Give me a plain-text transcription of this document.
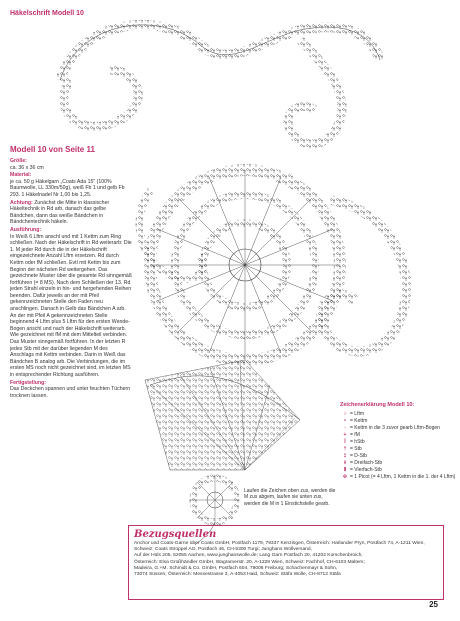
Häkelschrift Modell 10
Modell 10 von Seite 11

Größe:
ca. 36 x 36 cm

Material:
je ca. 50 g Häkelgarn „Coats Ada 15" (100% Baumwolle, LL 330m/50g), weiß Fb 1 und gelb Fb 293. 1 Häkelnadel Nr 1,00 bis 1,25.

Achtung: Zunächst die Mitte in klassischer Häkeltechnik in Rd arb, danach das gelbe Bändchen, dann das weiße Bändchen in Bändchentechnik häkeln.

Ausführung:
In Weiß 6 Lftm anschl und mit 1 Kettm zum Ring schließen. Nach der Häkelschrift in Rd weiterarb: Die 1. M jeder Rd durch die in der Häkelschrift eingezeichnete Anzahl Lftm ersetzen. Rd durch Kettm oder fM schließen. Evtl mit Kettm bis zum Beginn der nächsten Rd weitergehen. Das gezeichnete Muster über die gesamte Rd sinngemäß fortführen (= 8 MS). Nach dem Schließen der 13. Rd jeden Strahl einzeln in hin- und hergehenden Reihen beenden. Dafür jeweils an der mit Pfeil gekennzeichneten Stelle den Faden neu anschlingen. Danach in Gelb das Bändchen A arb. An der mit Pfeil A gekennzeichneten Stelle beginnend 4 Lftm plus 5 Lftm für den ersten Wende-Bogen anschl und nach der Häkelschrift weiterarb. Wie gezeichnet mit fM mit dem Mittelteil verbinden. Das Muster sinngemäß fortführen. In der letzten R jedes Stb mit der darüber liegenden M des Anschlags mit Kettm verbinden. Darin in Weiß das Bändchen B analog arb. Die Verbindungen, die im ersten MS noch nicht gezeichnet sind, im letzten MS in entsprechender Richtung ausführen.

Fertigstellung:
Das Deckchen spannen und unter feuchten Tüchern trocknen lassen.

Zeichenerklärung Modell 10:
○ = Lftm
• = Kettm
◦ = Kettm in die 3 zuvor gearb Lftm-Bogen
+ = fM
ꟾ = hStb
† = Stb
‡ = D-Stb
⫲ = Dreifach-Stb
⫴ = Vierfach-Stb
✣ = 1 Picot (= 4 Lftm, 1 Kettm in die 1. der 4 Lftm)
Laufen die Zeichen oben zus, werden die M zus abgem, laufen sie unten zus, werden die M in 1 Einstichstelle gearb.
Bezugsquellen

Anchor und Coats-Garne über Coats GmbH, Postfach 1179, 79337 Kenzingen, Österreich: Harlander Pryn, Postfach 74, A-1211 Wien, Schweiz: Coats Stroppel AG, Postfach 46, CH-5300 Turgi; Junghans Wollversand,

Auf der Hüls 205, 52055 Aachen, www.junghanswolle.de; Lang Garn Postfach 20, 41202 Korschenbroich,

Österreich: Elsa Großhändler GmbH, Wagramerstr. 20, A-1228 Wien, Schweiz: Fachhof, CH-6103 Malters;

Madeira, G.+M. Schmidt & Co. GmbH, Postfach 604, 79006 Freiburg; Schachenmayr & Sohn,

73074 Süssen; Österreich: Messestrasse 3, A-4053 Haid, Schweiz: Stäfa Wolle, CH-8712 Stäfa

25
